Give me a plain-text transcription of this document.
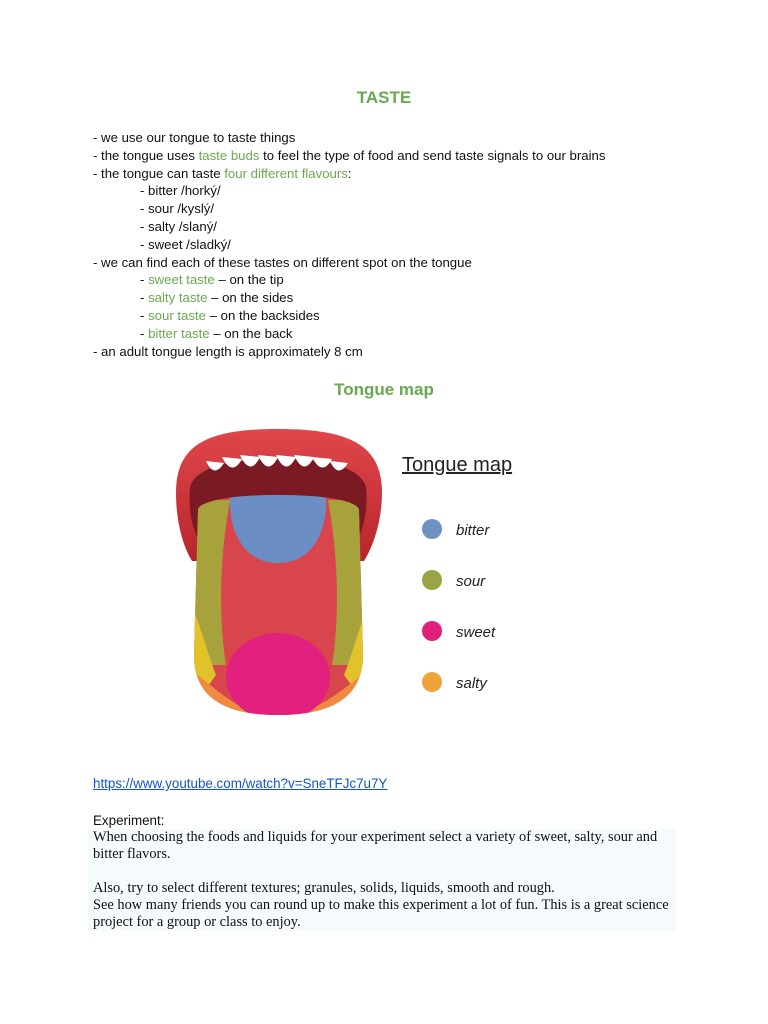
TASTE
- we use our tongue to taste things
- the tongue uses taste buds to feel the type of food and send taste signals to our brains
- the tongue can taste four different flavours:
- bitter /horký/
- sour /kyslý/
- salty /slaný/
- sweet /sladký/
- we can find each of these tastes on different spot on the tongue
- sweet taste – on the tip
- salty taste – on the sides
- sour taste – on the backsides
- bitter taste – on the back
- an adult tongue length is approximately 8 cm
Tongue map
Tongue map
bitter
sour
sweet
salty
https://www.youtube.com/watch?v=SneTFJc7u7Y
Experiment:

When choosing the foods and liquids for your experiment select a variety of sweet, salty, sour and bitter flavors.

Also, try to select different textures; granules, solids, liquids, smooth and rough.

See how many friends you can round up to make this experiment a lot of fun. This is a great science project for a group or class to enjoy.
